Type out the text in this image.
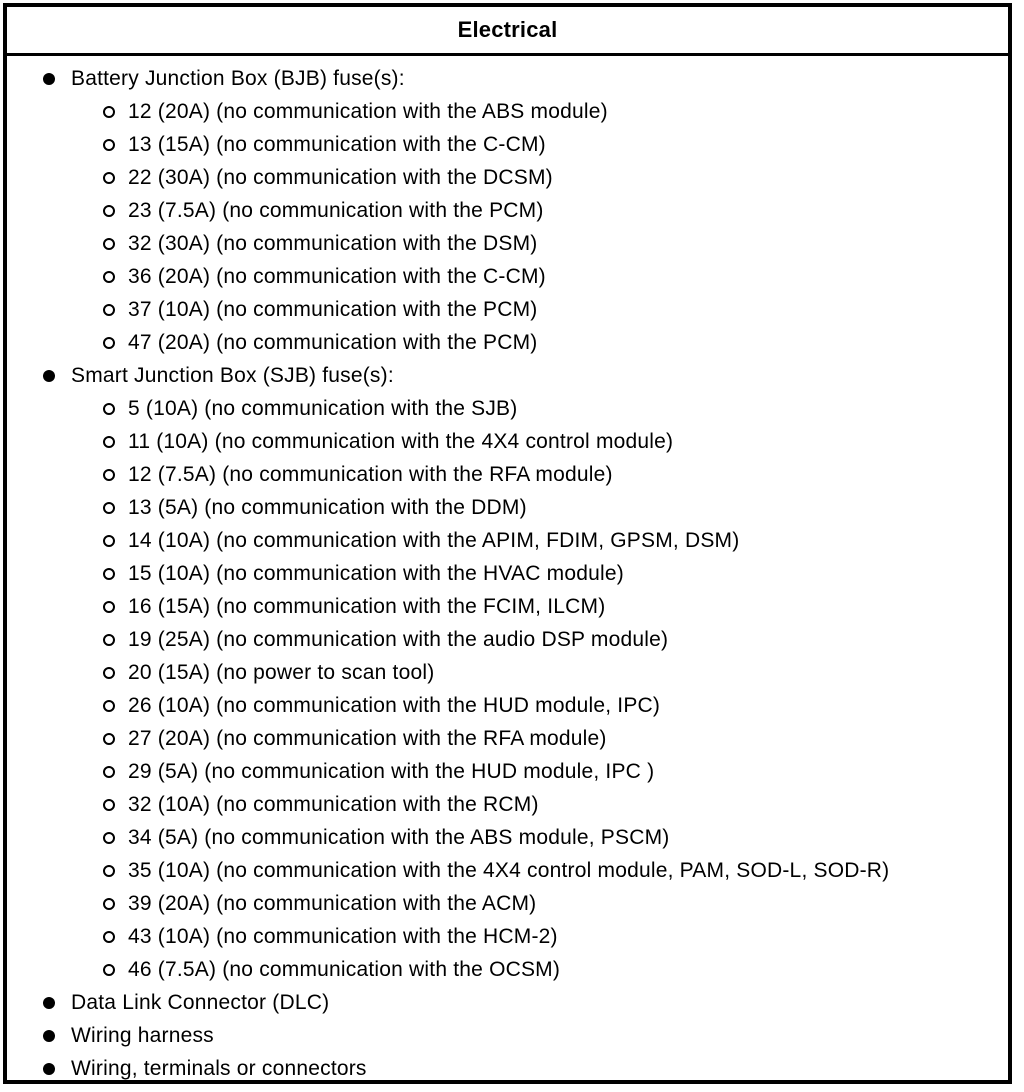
Electrical
Battery Junction Box (BJB) fuse(s):
12 (20A) (no communication with the ABS module)
13 (15A) (no communication with the C-CM)
22 (30A) (no communication with the DCSM)
23 (7.5A) (no communication with the PCM)
32 (30A) (no communication with the DSM)
36 (20A) (no communication with the C-CM)
37 (10A) (no communication with the PCM)
47 (20A) (no communication with the PCM)
Smart Junction Box (SJB) fuse(s):
5 (10A) (no communication with the SJB)
11 (10A) (no communication with the 4X4 control module)
12 (7.5A) (no communication with the RFA module)
13 (5A) (no communication with the DDM)
14 (10A) (no communication with the APIM, FDIM, GPSM, DSM)
15 (10A) (no communication with the HVAC module)
16 (15A) (no communication with the FCIM, ILCM)
19 (25A) (no communication with the audio DSP module)
20 (15A) (no power to scan tool)
26 (10A) (no communication with the HUD module, IPC)
27 (20A) (no communication with the RFA module)
29 (5A) (no communication with the HUD module, IPC )
32 (10A) (no communication with the RCM)
34 (5A) (no communication with the ABS module, PSCM)
35 (10A) (no communication with the 4X4 control module, PAM, SOD-L, SOD-R)
39 (20A) (no communication with the ACM)
43 (10A) (no communication with the HCM-2)
46 (7.5A) (no communication with the OCSM)
Data Link Connector (DLC)
Wiring harness
Wiring, terminals or connectors
